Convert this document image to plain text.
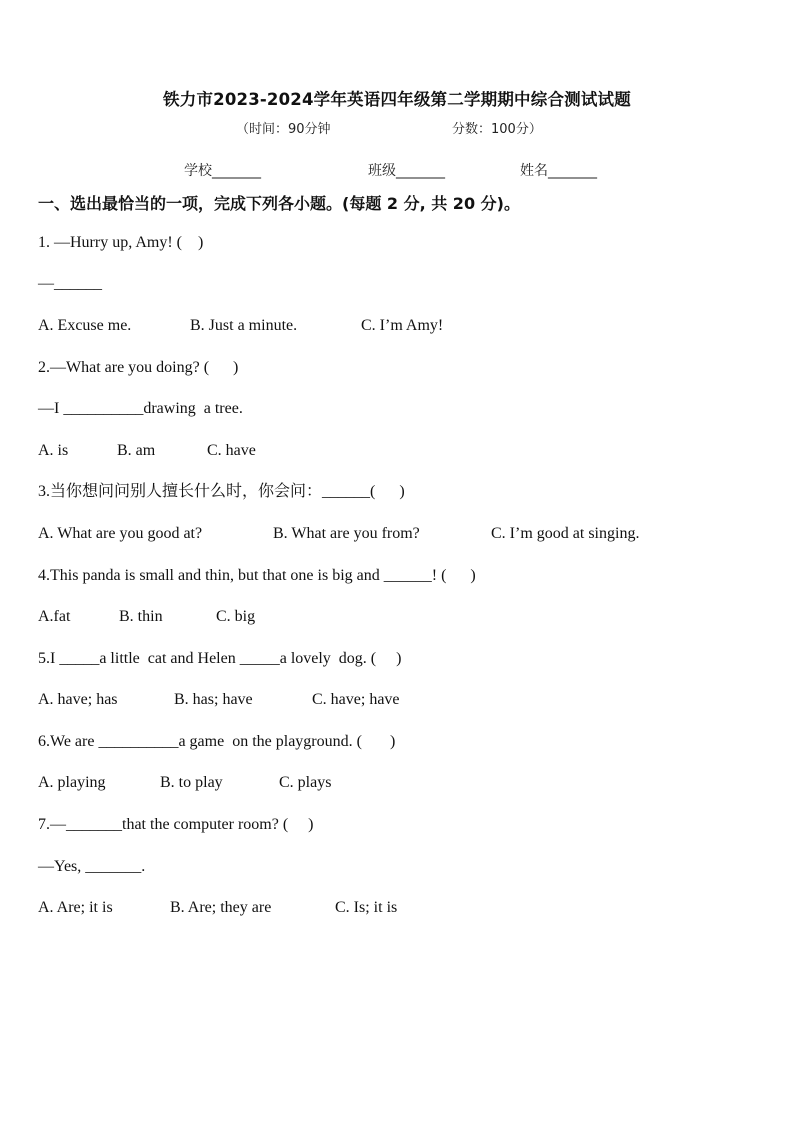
铁力市2023-2024学年英语四年级第二学期期中综合测试试题
（时间：90分钟	分数：100分）
学校_______	班级_______	姓名_______
一、选出最恰当的一项，完成下列各小题。(每题 2 分, 共 20 分)。
1. —Hurry up, Amy! (    )
—______
A. Excuse me.	B. Just a minute.	C. I’m Amy!
2.—What are you doing? (      )
—I __________drawing  a tree.
A. is	B. am	C. have
3.当你想问问别人擅长什么时，你会问：______(      )
A. What are you good at?	B. What are you from?	C. I’m good at singing.
4.This panda is small and thin, but that one is big and ______! (      )
A.fat	B. thin	C. big
5.I _____a little  cat and Helen _____a lovely  dog. (     )
A. have; has	B. has; have	C. have; have
6.We are __________a game  on the playground. (       )
A. playing	B. to play	C. plays
7.—_______that the computer room? (     )
—Yes, _______.
A. Are; it is	B. Are; they are	C. Is; it is
